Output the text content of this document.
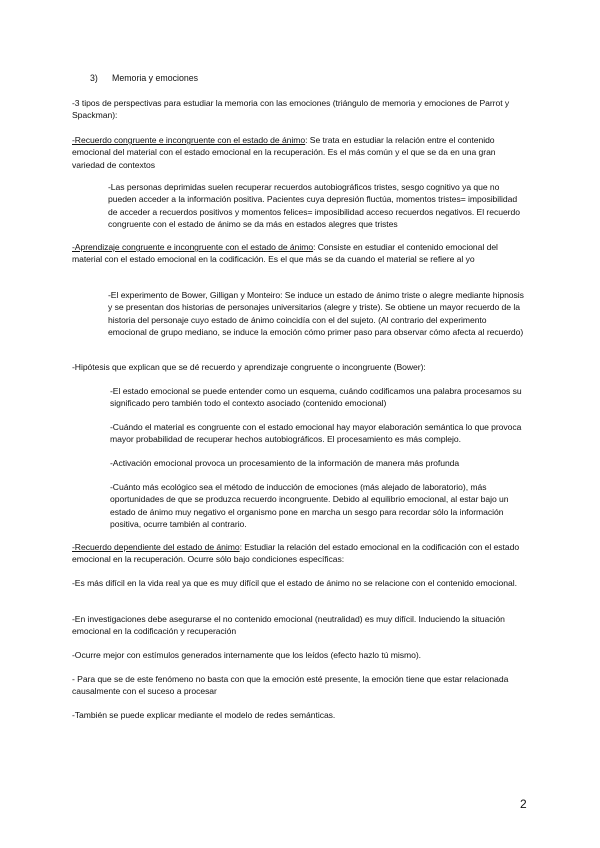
3) Memoria y emociones

-3 tipos de perspectivas para estudiar la memoria con las emociones (triángulo de memoria y emociones de Parrot y Spackman):

-Recuerdo congruente e incongruente con el estado de ánimo: Se trata en estudiar la relación entre el contenido emocional del material con el estado emocional en la recuperación. Es el más común y el que se da en una gran variedad de contextos

-Las personas deprimidas suelen recuperar recuerdos autobiográficos tristes, sesgo cognitivo ya que no pueden acceder a la información positiva. Pacientes cuya depresión fluctúa, momentos tristes= imposibilidad de acceder a recuerdos positivos y momentos felices= imposibilidad acceso recuerdos negativos. El recuerdo congruente con el estado de ánimo se da más en estados alegres que tristes

-Aprendizaje congruente e incongruente con el estado de ánimo: Consiste en estudiar el contenido emocional del material con el estado emocional en la codificación. Es el que más se da cuando el material se refiere al yo

-El experimento de Bower, Gilligan y Monteiro: Se induce un estado de ánimo triste o alegre mediante hipnosis y se presentan dos historias de personajes universitarios (alegre y triste). Se obtiene un mayor recuerdo de la historia del personaje cuyo estado de ánimo coincidía con el del sujeto. (Al contrario del experimento emocional de grupo mediano, se induce la emoción cómo primer paso para observar cómo afecta al recuerdo)

-Hipótesis que explican que se dé recuerdo y aprendizaje congruente o incongruente (Bower):

-El estado emocional se puede entender como un esquema, cuándo codificamos una palabra procesamos su significado pero también todo el contexto asociado (contenido emocional)

-Cuándo el material es congruente con el estado emocional hay mayor elaboración semántica lo que provoca mayor probabilidad de recuperar hechos autobiográficos. El procesamiento es más complejo.

-Activación emocional provoca un procesamiento de la información de manera más profunda

-Cuánto más ecológico sea el método de inducción de emociones (más alejado de laboratorio), más oportunidades de que se produzca recuerdo incongruente. Debido al equilibrio emocional, al estar bajo un estado de ánimo muy negativo el organismo pone en marcha un sesgo para recordar sólo la información positiva, ocurre también al contrario.

-Recuerdo dependiente del estado de ánimo: Estudiar la relación del estado emocional en la codificación con el estado emocional en la recuperación. Ocurre sólo bajo condiciones específicas:

-Es más difícil en la vida real ya que es muy difícil que el estado de ánimo no se relacione con el contenido emocional.

-En investigaciones debe asegurarse el no contenido emocional (neutralidad) es muy difícil. Induciendo la situación emocional en la codificación y recuperación

-Ocurre mejor con estímulos generados internamente que los leídos (efecto hazlo tú mismo).

- Para que se de este fenómeno no basta con que la emoción esté presente, la emoción tiene que estar relacionada causalmente con el suceso a procesar

-También se puede explicar mediante el modelo de redes semánticas.

2
